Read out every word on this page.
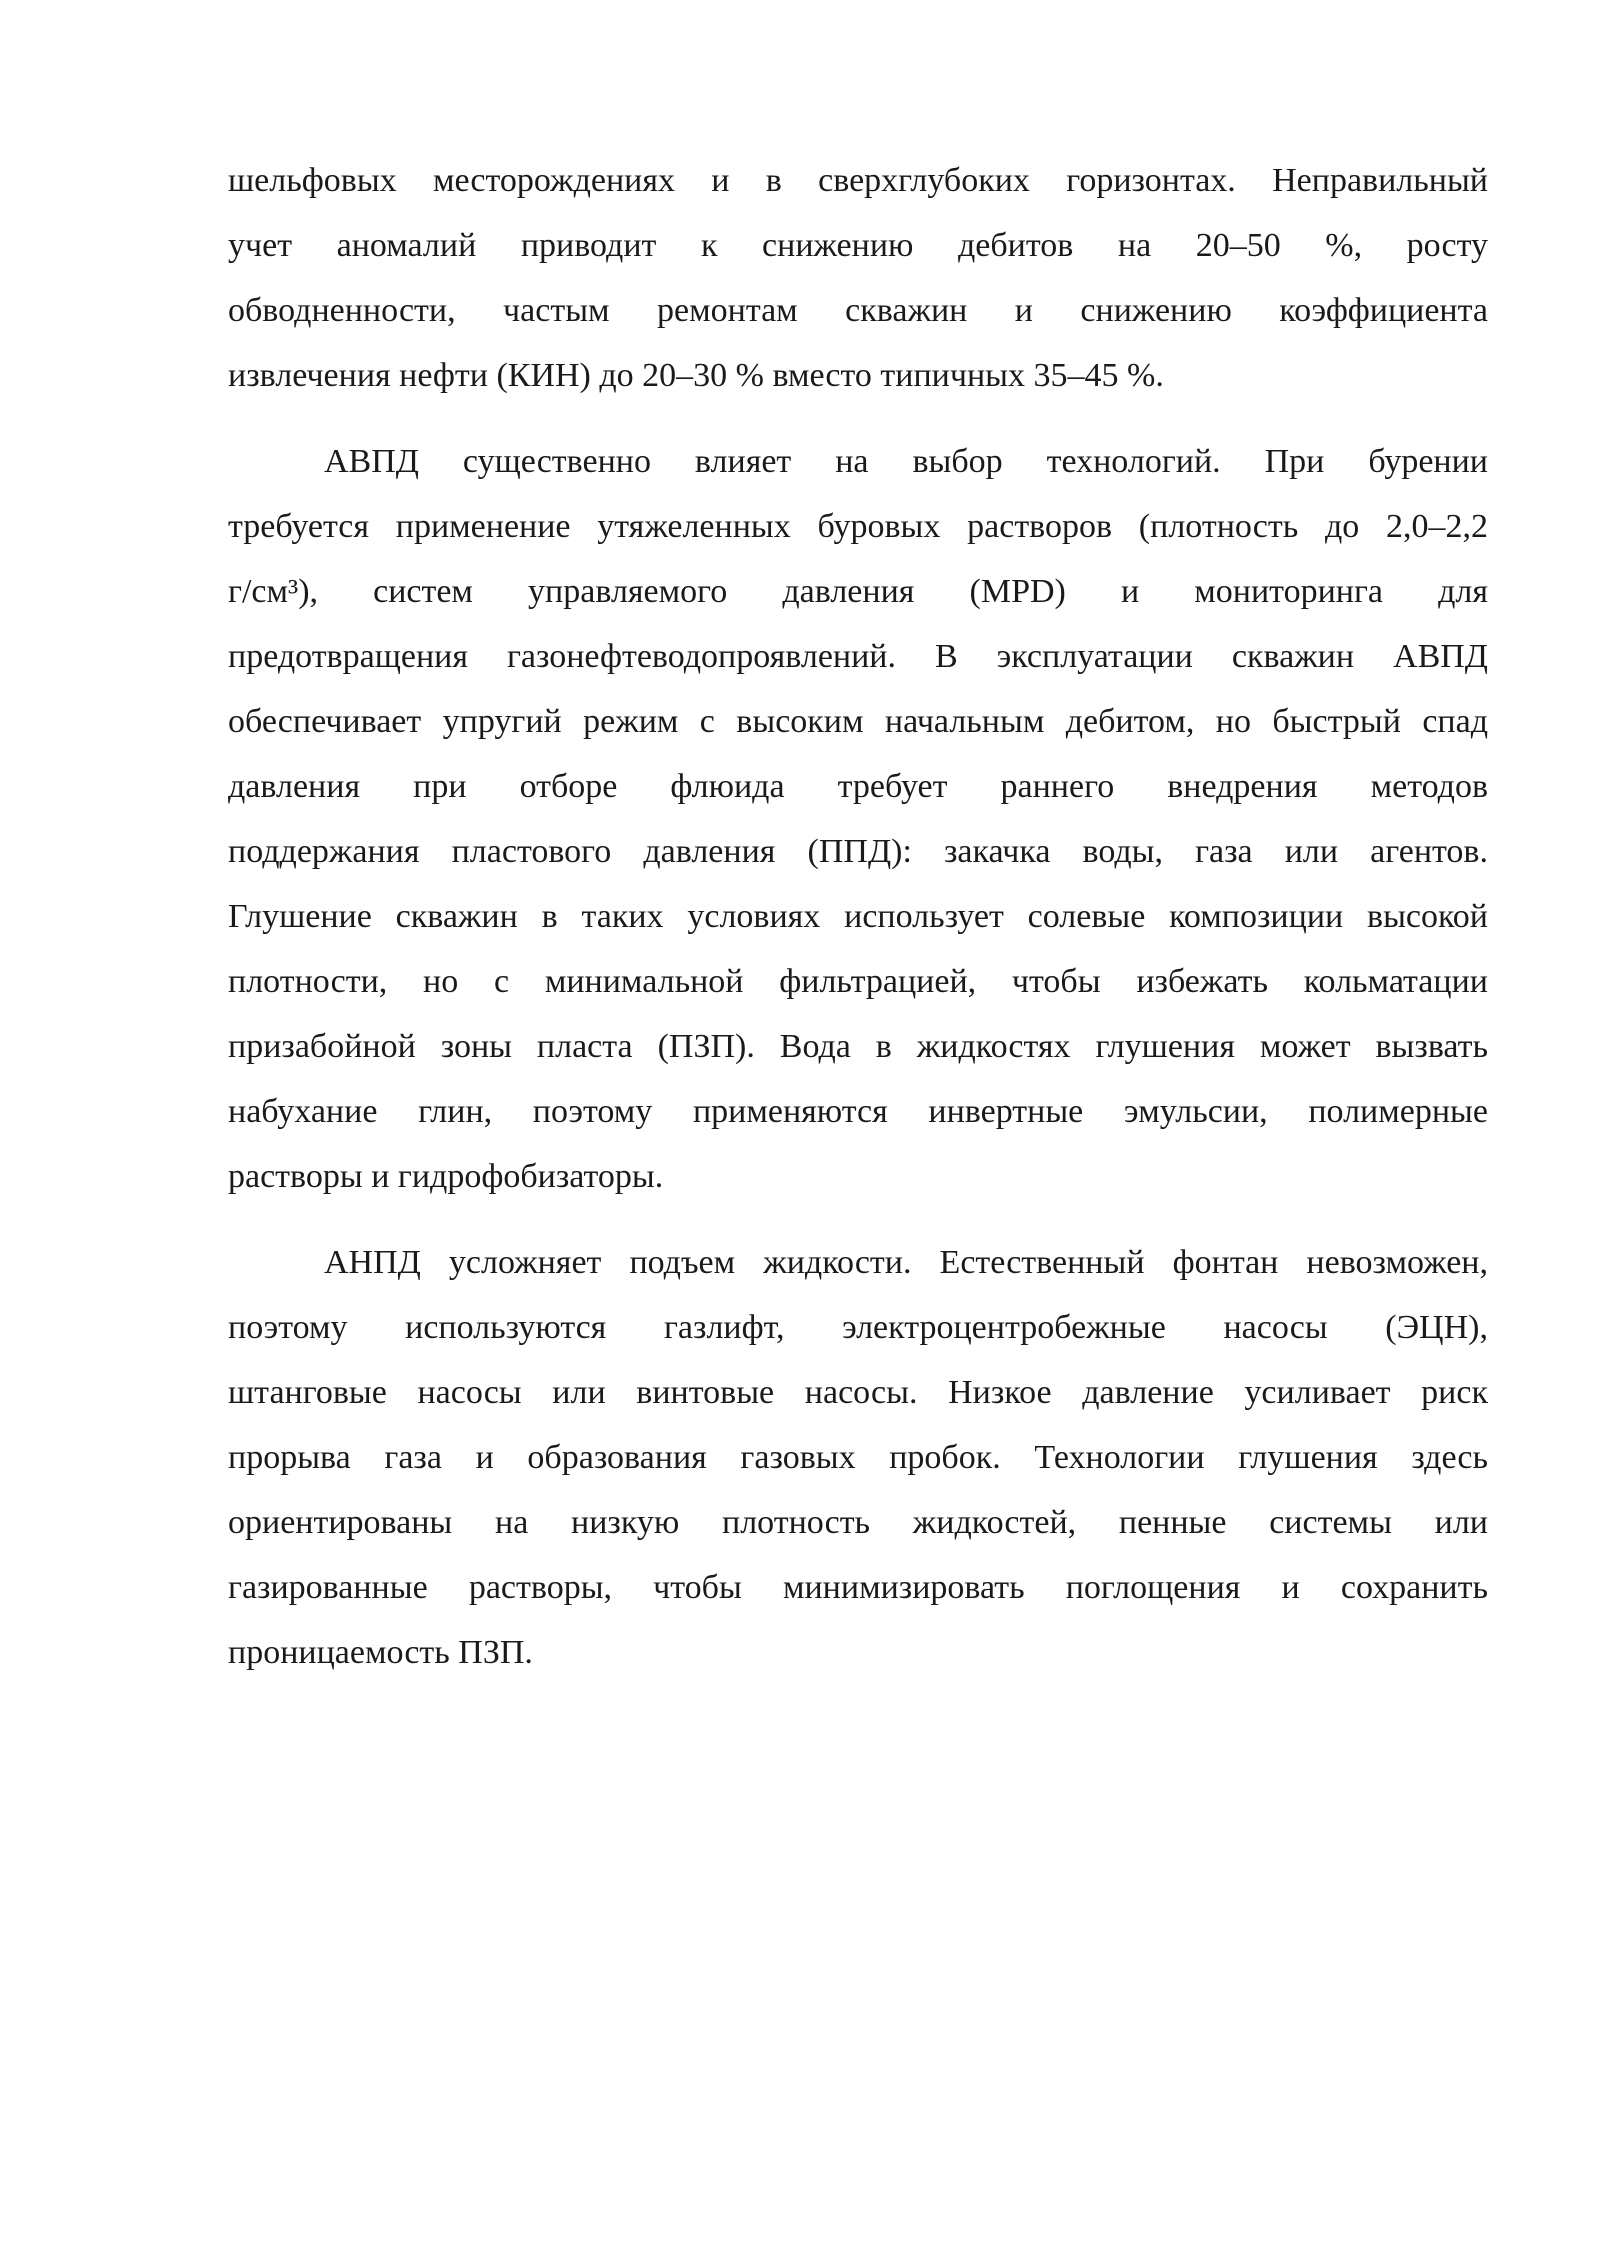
шельфовых месторождениях и в сверхглубоких горизонтах. Неправильный
учет аномалий приводит к снижению дебитов на 20–50 %, росту
обводненности, частым ремонтам скважин и снижению коэффициента
извлечения нефти (КИН) до 20–30 % вместо типичных 35–45 %.

АВПД существенно влияет на выбор технологий. При бурении
требуется применение утяжеленных буровых растворов (плотность до 2,0–2,2
г/см³), систем управляемого давления (MPD) и мониторинга для
предотвращения газонефтеводопроявлений. В эксплуатации скважин АВПД
обеспечивает упругий режим с высоким начальным дебитом, но быстрый спад
давления при отборе флюида требует раннего внедрения методов
поддержания пластового давления (ППД): закачка воды, газа или агентов.
Глушение скважин в таких условиях использует солевые композиции высокой
плотности, но с минимальной фильтрацией, чтобы избежать кольматации
призабойной зоны пласта (ПЗП). Вода в жидкостях глушения может вызвать
набухание глин, поэтому применяются инвертные эмульсии, полимерные
растворы и гидрофобизаторы.

АНПД усложняет подъем жидкости. Естественный фонтан невозможен,
поэтому используются газлифт, электроцентробежные насосы (ЭЦН),
штанговые насосы или винтовые насосы. Низкое давление усиливает риск
прорыва газа и образования газовых пробок. Технологии глушения здесь
ориентированы на низкую плотность жидкостей, пенные системы или
газированные растворы, чтобы минимизировать поглощения и сохранить
проницаемость ПЗП.
